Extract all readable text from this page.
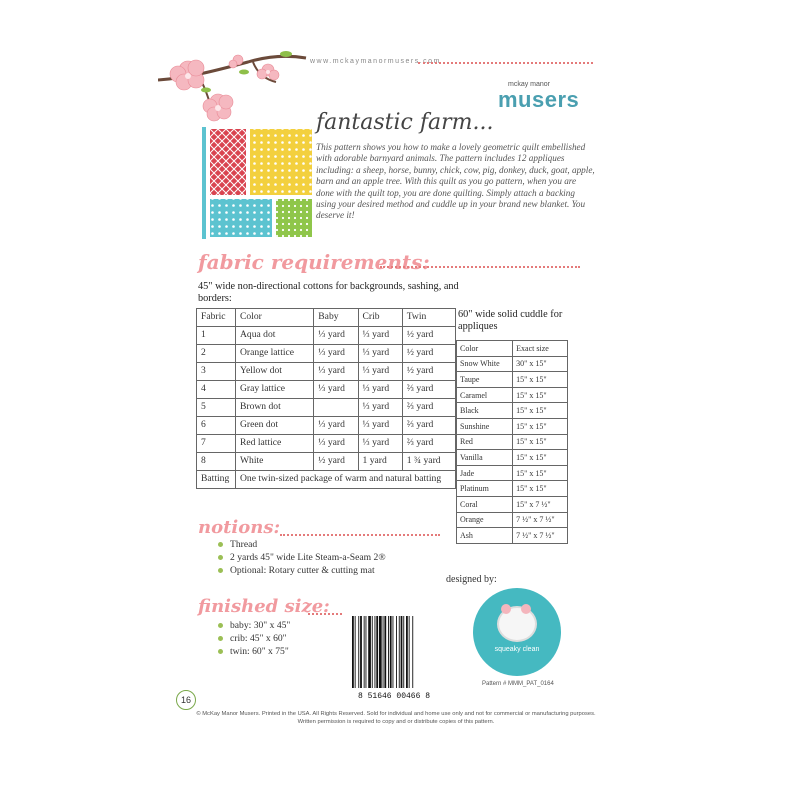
www.mckaymanormusers.com
mckay manor
musers
fantastic farm...
This pattern shows you how to make a lovely geometric quilt embellished with adorable barnyard animals. The pattern includes 12 appliques including: a sheep, horse, bunny, chick, cow, pig, donkey, duck, goat, apple, barn and an apple tree. With this quilt as you go pattern, when you are done with the quilt top, you are done quilting. Simply attach a backing using your desired method and cuddle up in your brand new blanket. You deserve it!
fabric requirements:
45" wide non-directional cottons for backgrounds, sashing, and borders:
Fabric	Color	Baby	Crib	Twin
1	Aqua dot	⅓ yard	⅓ yard	½ yard
2	Orange lattice	⅓ yard	⅓ yard	½ yard
3	Yellow dot	⅓ yard	⅓ yard	½ yard
4	Gray lattice	⅓ yard	⅓ yard	⅔ yard
5	Brown dot		⅓ yard	⅔ yard
6	Green dot	⅓ yard	⅓ yard	⅔ yard
7	Red lattice	⅓ yard	⅓ yard	⅔ yard
8	White	½ yard	1 yard	1 ¾ yard
Batting	One twin-sized package of warm and natural batting			
60" wide solid cuddle for appliques
Color	Exact size
Snow White	30" x 15"
Taupe	15" x 15"
Caramel	15" x 15"
Black	15" x 15"
Sunshine	15" x 15"
Red	15" x 15"
Vanilla	15" x 15"
Jade	15" x 15"
Platinum	15" x 15"
Coral	15" x 7 ½"
Orange	7 ½" x 7 ½"
Ash	7 ½" x 7 ½"
notions:
Thread
2 yards 45" wide Lite Steam-a-Seam 2®
Optional: Rotary cutter & cutting mat
designed by:
squeaky clean
Pattern # MMM_PAT_0164
finished size:
baby: 30" x 45"
crib: 45" x 60"
twin: 60" x 75"
8 51646 00466 8
16
© McKay Manor Musers. Printed in the USA. All Rights Reserved. Sold for individual and home use only and not for commercial or manufacturing purposes. Written permission is required to copy and or distribute copies of this pattern.
